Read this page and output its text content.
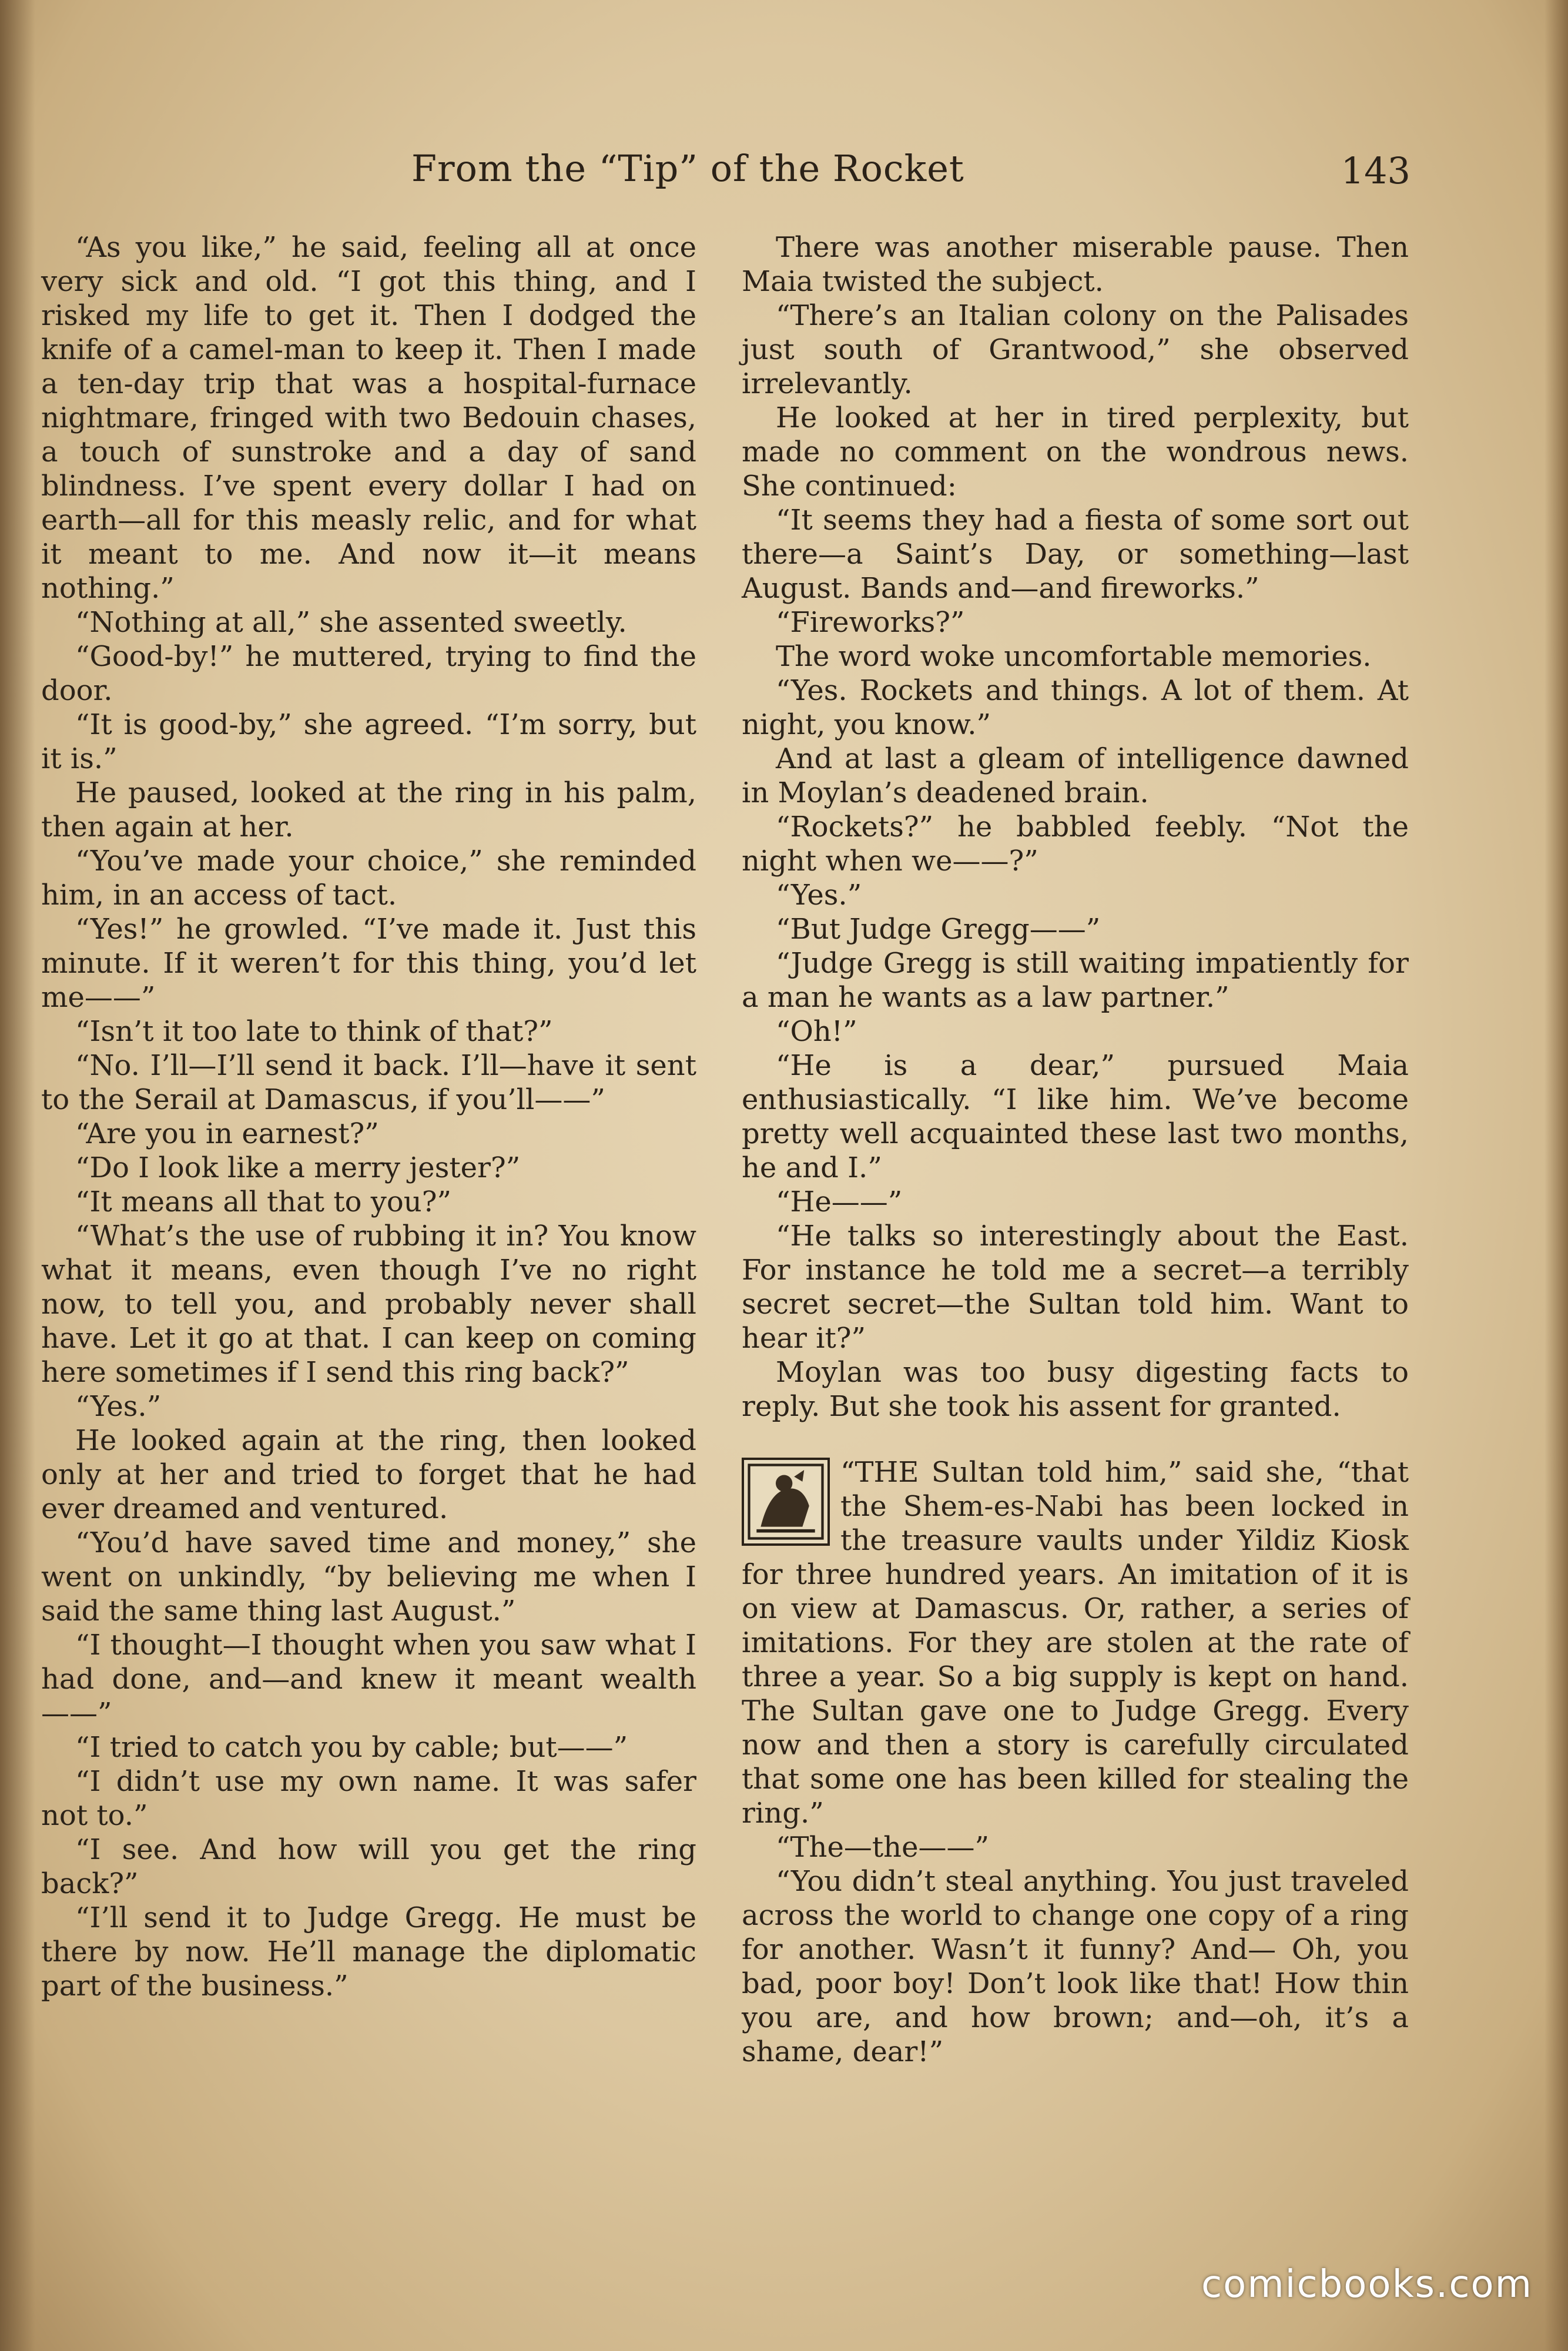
From the “Tip” of the Rocket	143

“As you like,” he said, feeling all at once very sick and old. “I got this thing, and I risked my life to get it. Then I dodged the knife of a camel-man to keep it. Then I made a ten-day trip that was a hospital-furnace nightmare, fringed with two Bedouin chases, a touch of sunstroke and a day of sand blindness. I’ve spent every dollar I had on earth—all for this measly relic, and for what it meant to me. And now it—it means nothing.”

“Nothing at all,” she assented sweetly.

“Good-by!” he muttered, trying to find the door.

“It is good-by,” she agreed. “I’m sorry, but it is.”

He paused, looked at the ring in his palm, then again at her.

“You’ve made your choice,” she reminded him, in an access of tact.

“Yes!” he growled. “I’ve made it. Just this minute. If it weren’t for this thing, you’d let me——”

“Isn’t it too late to think of that?”

“No. I’ll—I’ll send it back. I’ll—have it sent to the Serail at Damascus, if you’ll——”

“Are you in earnest?”

“Do I look like a merry jester?”

“It means all that to you?”

“What’s the use of rubbing it in? You know what it means, even though I’ve no right now, to tell you, and probably never shall have. Let it go at that. I can keep on coming here sometimes if I send this ring back?”

“Yes.”

He looked again at the ring, then looked only at her and tried to forget that he had ever dreamed and ventured.

“You’d have saved time and money,” she went on unkindly, “by believing me when I said the same thing last August.”

“I thought—I thought when you saw what I had done, and—and knew it meant wealth——”

“I tried to catch you by cable; but——”

“I didn’t use my own name. It was safer not to.”

“I see. And how will you get the ring back?”

“I’ll send it to Judge Gregg. He must be there by now. He’ll manage the diplomatic part of the business.”

There was another miserable pause. Then Maia twisted the subject.

“There’s an Italian colony on the Palisades just south of Grantwood,” she observed irrelevantly.

He looked at her in tired perplexity, but made no comment on the wondrous news. She continued:

“It seems they had a fiesta of some sort out there—a Saint’s Day, or something—last August. Bands and—and fireworks.”

“Fireworks?”

The word woke uncomfortable memories.

“Yes. Rockets and things. A lot of them. At night, you know.”

And at last a gleam of intelligence dawned in Moylan’s deadened brain.

“Rockets?” he babbled feebly. “Not the night when we——?”

“Yes.”

“But Judge Gregg——”

“Judge Gregg is still waiting impatiently for a man he wants as a law partner.”

“Oh!”

“He is a dear,” pursued Maia enthusiastically. “I like him. We’ve become pretty well acquainted these last two months, he and I.”

“He——”

“He talks so interestingly about the East. For instance he told me a secret—a terribly secret secret—the Sultan told him. Want to hear it?”

Moylan was too busy digesting facts to reply. But she took his assent for granted.

“THE Sultan told him,” said she, “that the Shem-es-Nabi has been locked in the treasure vaults under Yildiz Kiosk for three hundred years. An imitation of it is on view at Damascus. Or, rather, a series of imitations. For they are stolen at the rate of three a year. So a big supply is kept on hand. The Sultan gave one to Judge Gregg. Every now and then a story is carefully circulated that some one has been killed for stealing the ring.”

“The—the——”

“You didn’t steal anything. You just traveled across the world to change one copy of a ring for another. Wasn’t it funny? And— Oh, you bad, poor boy! Don’t look like that! How thin you are, and how brown; and—oh, it’s a shame, dear!”

comicbooks.com
